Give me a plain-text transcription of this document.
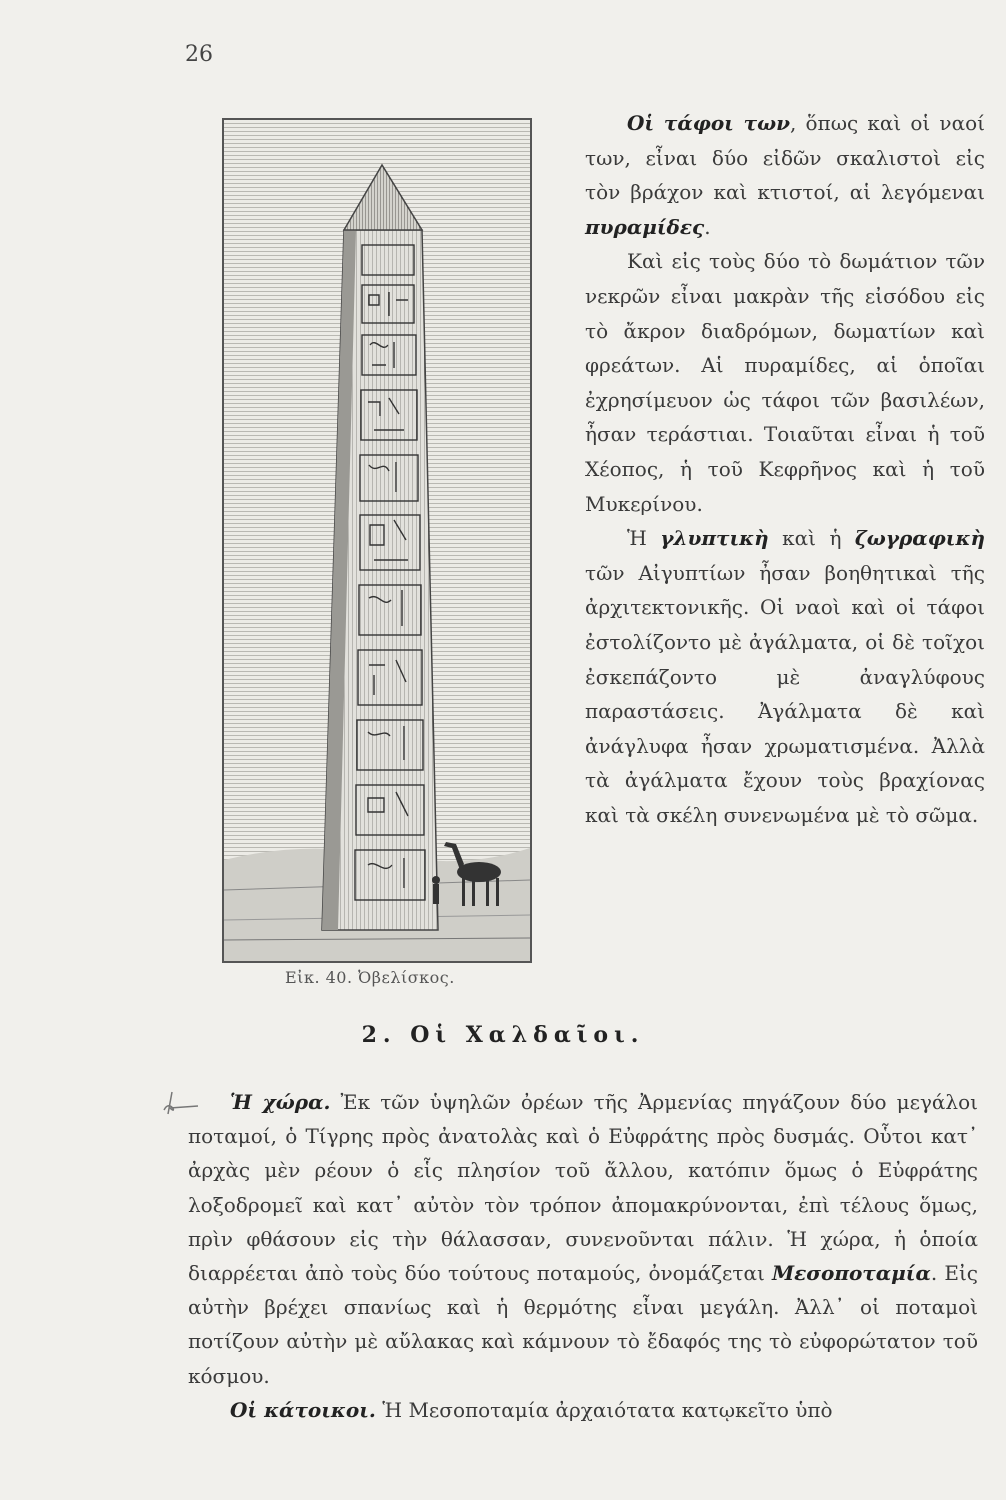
26
Εἰκ. 40. Ὀβελίσκος.

Οἱ τάφοι των, ὅπως καὶ οἱ ναοί των, εἶναι δύο εἰδῶν σκαλιστοὶ εἰς τὸν βράχον καὶ κτιστοί, αἱ λεγόμεναι πυραμίδες.

Καὶ εἰς τοὺς δύο τὸ δωμάτιον τῶν νεκρῶν εἶναι μακρὰν τῆς εἰσόδου εἰς τὸ ἄκρον διαδρόμων, δωματίων καὶ φρεάτων. Αἱ πυραμίδες, αἱ ὁποῖαι ἐχρησίμευον ὡς τάφοι τῶν βασιλέων, ἦσαν τεράστιαι. Τοιαῦται εἶναι ἡ τοῦ Χέοπος, ἡ τοῦ Κεφρῆνος καὶ ἡ τοῦ Μυκερίνου.

Ἡ γλυπτικὴ καὶ ἡ ζωγραφικὴ τῶν Αἰγυπτίων ἦσαν βοηθητικαὶ τῆς ἀρχιτεκτονικῆς. Οἱ ναοὶ καὶ οἱ τάφοι ἐστολίζοντο μὲ ἀγάλματα, οἱ δὲ τοῖχοι ἐσκεπάζοντο μὲ ἀναγλύφους παραστάσεις. Ἀγάλματα δὲ καὶ ἀνάγλυφα ἦσαν χρωματισμένα. Ἀλλὰ τὰ ἀγάλματα ἔχουν τοὺς βραχίονας καὶ τὰ σκέλη συνενωμένα μὲ τὸ σῶμα.

2. Οἱ Χαλδαῖοι.

Ἡ χώρα. Ἐκ τῶν ὑψηλῶν ὀρέων τῆς Ἀρμενίας πηγάζουν δύο μεγάλοι ποταμοί, ὁ Τίγρης πρὸς ἀνατολὰς καὶ ὁ Εὐφράτης πρὸς δυσμάς. Οὗτοι κατ᾽ ἀρχὰς μὲν ρέουν ὁ εἷς πλησίον τοῦ ἄλλου, κατόπιν ὅμως ὁ Εὐφράτης λοξοδρομεῖ καὶ κατ᾽ αὐτὸν τὸν τρόπον ἀπομακρύνονται, ἐπὶ τέλους ὅμως, πρὶν φθάσουν εἰς τὴν θάλασσαν, συνενοῦνται πάλιν. Ἡ χώρα, ἡ ὁποία διαρρέεται ἀπὸ τοὺς δύο τούτους ποταμούς, ὀνομάζεται Μεσοποταμία. Εἰς αὐτὴν βρέχει σπανίως καὶ ἡ θερμότης εἶναι μεγάλη. Ἀλλ᾽ οἱ ποταμοὶ ποτίζουν αὐτὴν μὲ αὔλακας καὶ κάμνουν τὸ ἔδαφός της τὸ εὐφορώτατον τοῦ κόσμου.

Οἱ κάτοικοι. Ἡ Μεσοποταμία ἀρχαιότατα κατῳκεῖτο ὑπὸ
